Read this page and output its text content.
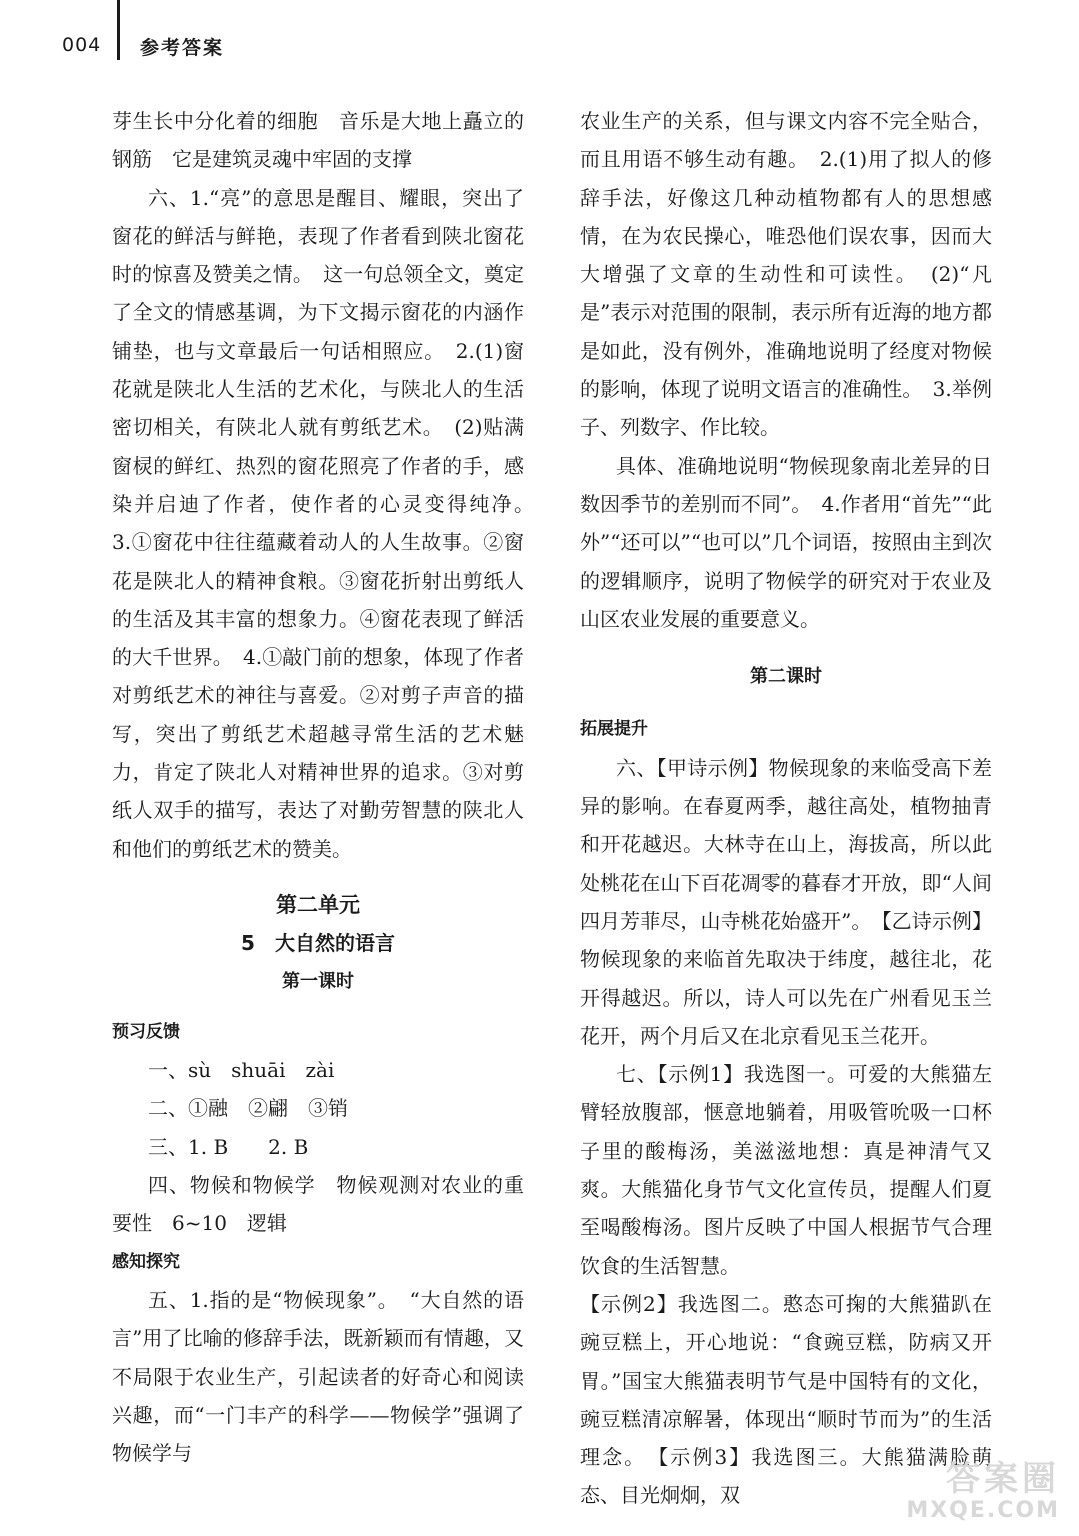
004 参考答案

芽生长中分化着的细胞　音乐是大地上矗立的钢筋　它是建筑灵魂中牢固的支撑

六、1.“亮”的意思是醒目、耀眼，突出了窗花的鲜活与鲜艳，表现了作者看到陕北窗花时的惊喜及赞美之情。　这一句总领全文，奠定了全文的情感基调，为下文揭示窗花的内涵作铺垫，也与文章最后一句话相照应。　2.(1)窗花就是陕北人生活的艺术化，与陕北人的生活密切相关，有陕北人就有剪纸艺术。　(2)贴满窗棂的鲜红、热烈的窗花照亮了作者的手，感染并启迪了作者，使作者的心灵变得纯净。　3.①窗花中往往蕴藏着动人的人生故事。②窗花是陕北人的精神食粮。③窗花折射出剪纸人的生活及其丰富的想象力。④窗花表现了鲜活的大千世界。　4.①敲门前的想象，体现了作者对剪纸艺术的神往与喜爱。②对剪子声音的描写，突出了剪纸艺术超越寻常生活的艺术魅力，肯定了陕北人对精神世界的追求。③对剪纸人双手的描写，表达了对勤劳智慧的陕北人和他们的剪纸艺术的赞美。

第二单元

5　大自然的语言

第一课时

预习反馈

一、sù　shuāi　zài

二、①融　②翩　③销

三、1. B　　2. B

四、物候和物候学　物候观测对农业的重要性　6~10　逻辑

感知探究

五、1.指的是“物候现象”。　“大自然的语言”用了比喻的修辞手法，既新颖而有情趣，又不局限于农业生产，引起读者的好奇心和阅读兴趣，而“一门丰产的科学——物候学”强调了物候学与

农业生产的关系，但与课文内容不完全贴合，而且用语不够生动有趣。　2.(1)用了拟人的修辞手法，好像这几种动植物都有人的思想感情，在为农民操心，唯恐他们误农事，因而大大增强了文章的生动性和可读性。　(2)“凡是”表示对范围的限制，表示所有近海的地方都是如此，没有例外，准确地说明了经度对物候的影响，体现了说明文语言的准确性。　3.举例子、列数字、作比较。

具体、准确地说明“物候现象南北差异的日数因季节的差别而不同”。　4.作者用“首先”“此外”“还可以”“也可以”几个词语，按照由主到次的逻辑顺序，说明了物候学的研究对于农业及山区农业发展的重要意义。

第二课时

拓展提升

六、【甲诗示例】物候现象的来临受高下差异的影响。在春夏两季，越往高处，植物抽青和开花越迟。大林寺在山上，海拔高，所以此处桃花在山下百花凋零的暮春才开放，即“人间四月芳菲尽，山寺桃花始盛开”。　【乙诗示例】物候现象的来临首先取决于纬度，越往北，花开得越迟。所以，诗人可以先在广州看见玉兰花开，两个月后又在北京看见玉兰花开。

七、【示例1】我选图一。可爱的大熊猫左臂轻放腹部，惬意地躺着，用吸管吮吸一口杯子里的酸梅汤，美滋滋地想：真是神清气又爽。大熊猫化身节气文化宣传员，提醒人们夏至喝酸梅汤。图片反映了中国人根据节气合理饮食的生活智慧。

【示例2】我选图二。憨态可掬的大熊猫趴在豌豆糕上，开心地说：“食豌豆糕，防病又开胃。”国宝大熊猫表明节气是中国特有的文化，豌豆糕清凉解暑，体现出“顺时节而为”的生活理念。　【示例3】我选图三。大熊猫满脸萌态、目光炯炯，双	答案圈
MXQE.COM
